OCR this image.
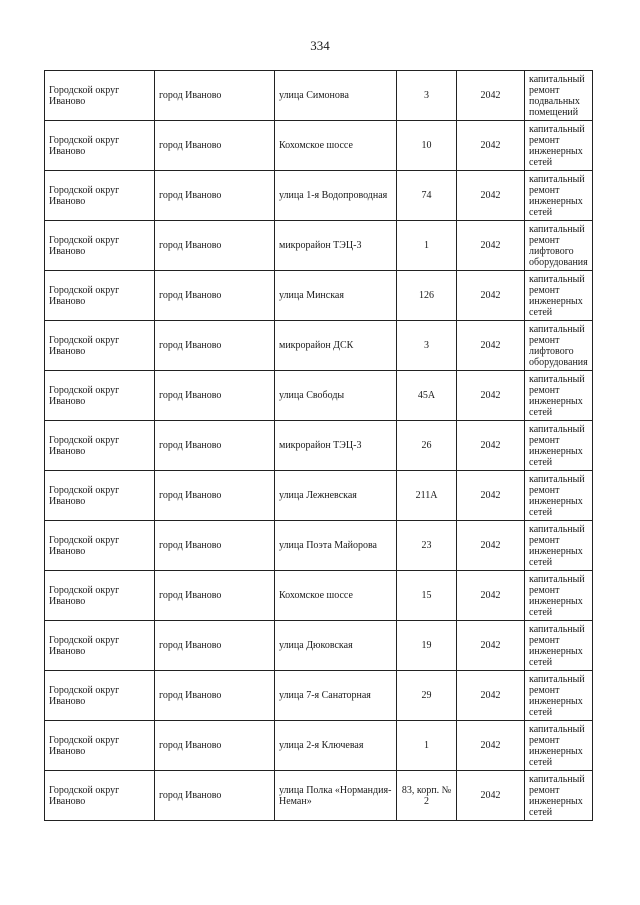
334
Городской округ Иваново	город Иваново	улица Симонова	3	2042	капитальный ремонт подвальных помещений
Городской округ Иваново	город Иваново	Кохомское шоссе	10	2042	капитальный ремонт инженерных сетей
Городской округ Иваново	город Иваново	улица 1-я Водопроводная	74	2042	капитальный ремонт инженерных сетей
Городской округ Иваново	город Иваново	микрорайон ТЭЦ-3	1	2042	капитальный ремонт лифтового оборудования
Городской округ Иваново	город Иваново	улица Минская	126	2042	капитальный ремонт инженерных сетей
Городской округ Иваново	город Иваново	микрорайон ДСК	3	2042	капитальный ремонт лифтового оборудования
Городской округ Иваново	город Иваново	улица Свободы	45А	2042	капитальный ремонт инженерных сетей
Городской округ Иваново	город Иваново	микрорайон ТЭЦ-3	26	2042	капитальный ремонт инженерных сетей
Городской округ Иваново	город Иваново	улица Лежневская	211А	2042	капитальный ремонт инженерных сетей
Городской округ Иваново	город Иваново	улица Поэта Майорова	23	2042	капитальный ремонт инженерных сетей
Городской округ Иваново	город Иваново	Кохомское шоссе	15	2042	капитальный ремонт инженерных сетей
Городской округ Иваново	город Иваново	улица Дюковская	19	2042	капитальный ремонт инженерных сетей
Городской округ Иваново	город Иваново	улица 7-я Санаторная	29	2042	капитальный ремонт инженерных сетей
Городской округ Иваново	город Иваново	улица 2-я Ключевая	1	2042	капитальный ремонт инженерных сетей
Городской округ Иваново	город Иваново	улица Полка «Нормандия-Неман»	83, корп. № 2	2042	капитальный ремонт инженерных сетей
